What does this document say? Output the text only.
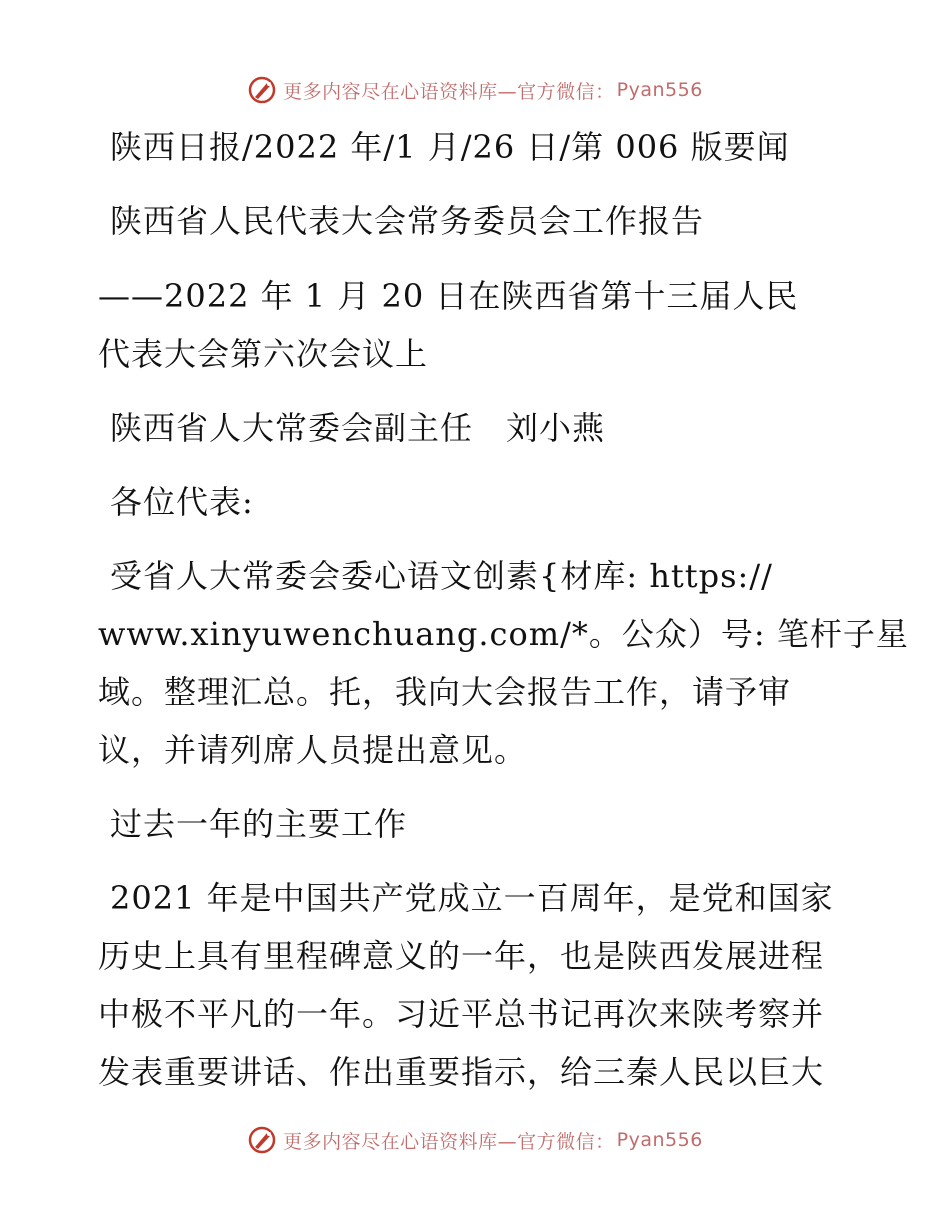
更多内容尽在心语资料库—官方微信： Pyan556
陕西日报/2022 年/1 月/26 日/第 006 版要闻
陕西省人民代表大会常务委员会工作报告
——2022 年 1 月 20 日在陕西省第十三届人民
代表大会第六次会议上
陕西省人大常委会副主任　刘小燕
各位代表:
受省人大常委会委心语文创素{材库: https://
www.xinyuwenchuang.com/*。公众）号: 笔杆子星
域。整理汇总。托，我向大会报告工作，请予审
议，并请列席人员提出意见。
过去一年的主要工作
2021 年是中国共产党成立一百周年，是党和国家
历史上具有里程碑意义的一年，也是陕西发展进程
中极不平凡的一年。习近平总书记再次来陕考察并
发表重要讲话、作出重要指示，给三秦人民以巨大
更多内容尽在心语资料库—官方微信： Pyan556
